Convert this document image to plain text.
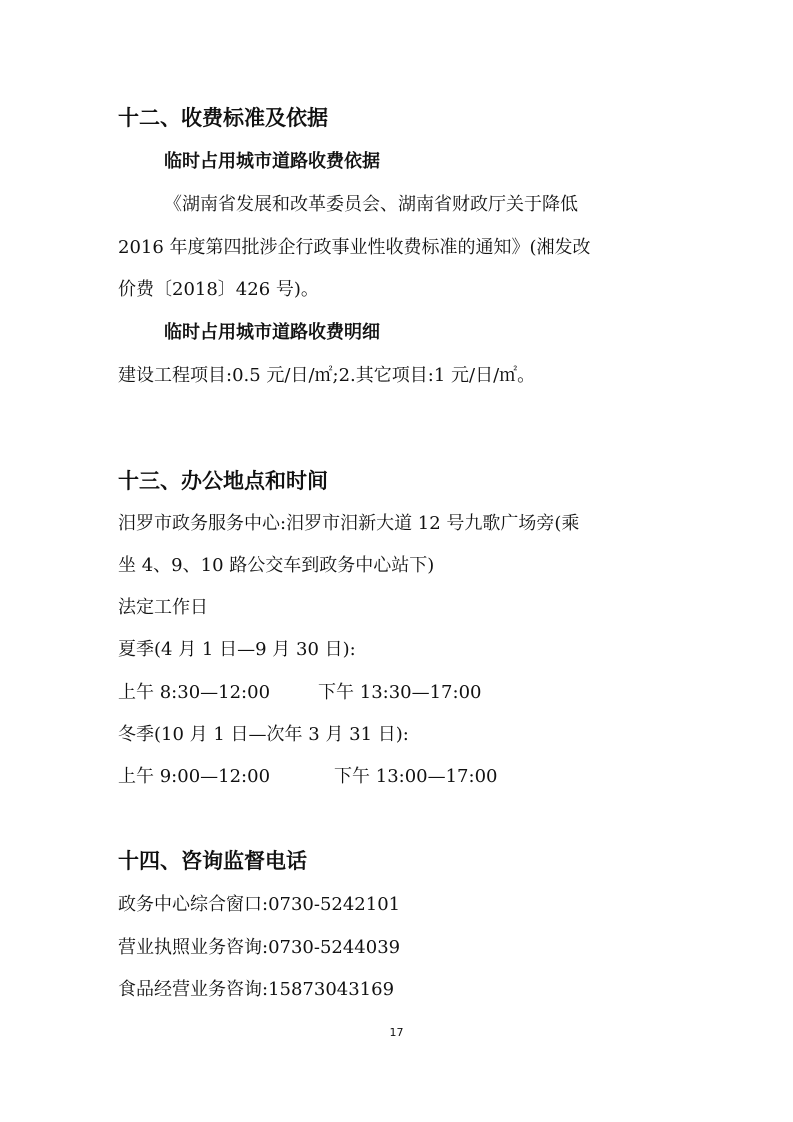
十二、收费标准及依据
临时占用城市道路收费依据
《湖南省发展和改革委员会、湖南省财政厅关于降低
2016 年度第四批涉企行政事业性收费标准的通知》(湘发改
价费〔2018〕426 号)。
临时占用城市道路收费明细
建设工程项目:0.5 元/日/㎡;2.其它项目:1 元/日/㎡。
十三、办公地点和时间
汨罗市政务服务中心:汨罗市汨新大道 12 号九歌广场旁(乘
坐 4、9、10 路公交车到政务中心站下)
法定工作日
夏季(4 月 1 日—9 月 30 日):
上午 8:30—12:00	下午 13:30—17:00
冬季(10 月 1 日—次年 3 月 31 日):
上午 9:00—12:00	下午 13:00—17:00
十四、咨询监督电话
政务中心综合窗口:0730-5242101
营业执照业务咨询:0730-5244039
食品经营业务咨询:15873043169
17
